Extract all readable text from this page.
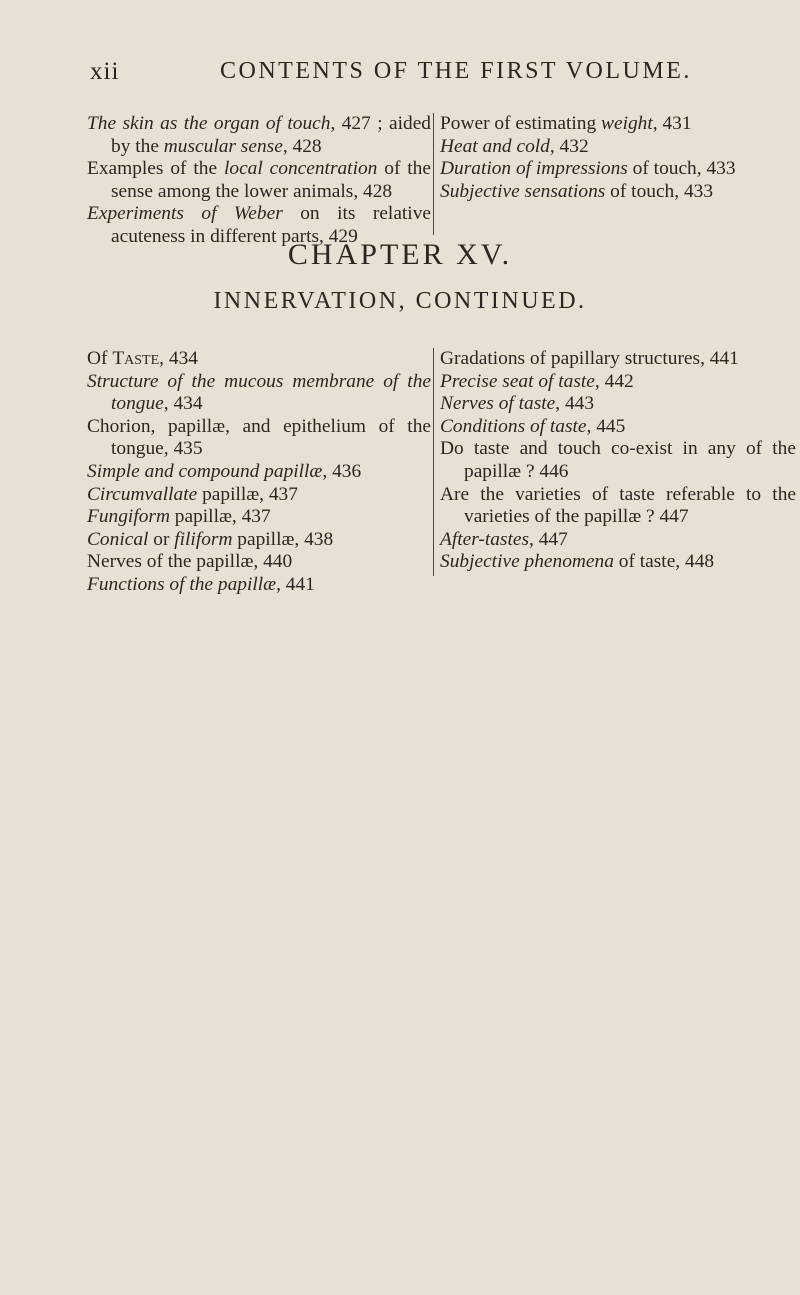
xii	CONTENTS OF THE FIRST VOLUME.

The skin as the organ of touch, 427 ; aided by the muscular sense, 428

Examples of the local concentration of the sense among the lower animals, 428

Experiments of Weber on its relative acuteness in different parts, 429

Power of estimating weight, 431

Heat and cold, 432

Duration of impressions of touch, 433

Subjective sensations of touch, 433

CHAPTER XV.
INNERVATION, CONTINUED.

Of Taste, 434

Structure of the mucous membrane of the tongue, 434

Chorion, papillæ, and epithelium of the tongue, 435

Simple and compound papillæ, 436

Circumvallate papillæ, 437

Fungiform papillæ, 437

Conical or filiform papillæ, 438

Nerves of the papillæ, 440

Functions of the papillæ, 441

Gradations of papillary structures, 441

Precise seat of taste, 442

Nerves of taste, 443

Conditions of taste, 445

Do taste and touch co-exist in any of the papillæ ? 446

Are the varieties of taste referable to the varieties of the papillæ ? 447

After-tastes, 447

Subjective phenomena of taste, 448
